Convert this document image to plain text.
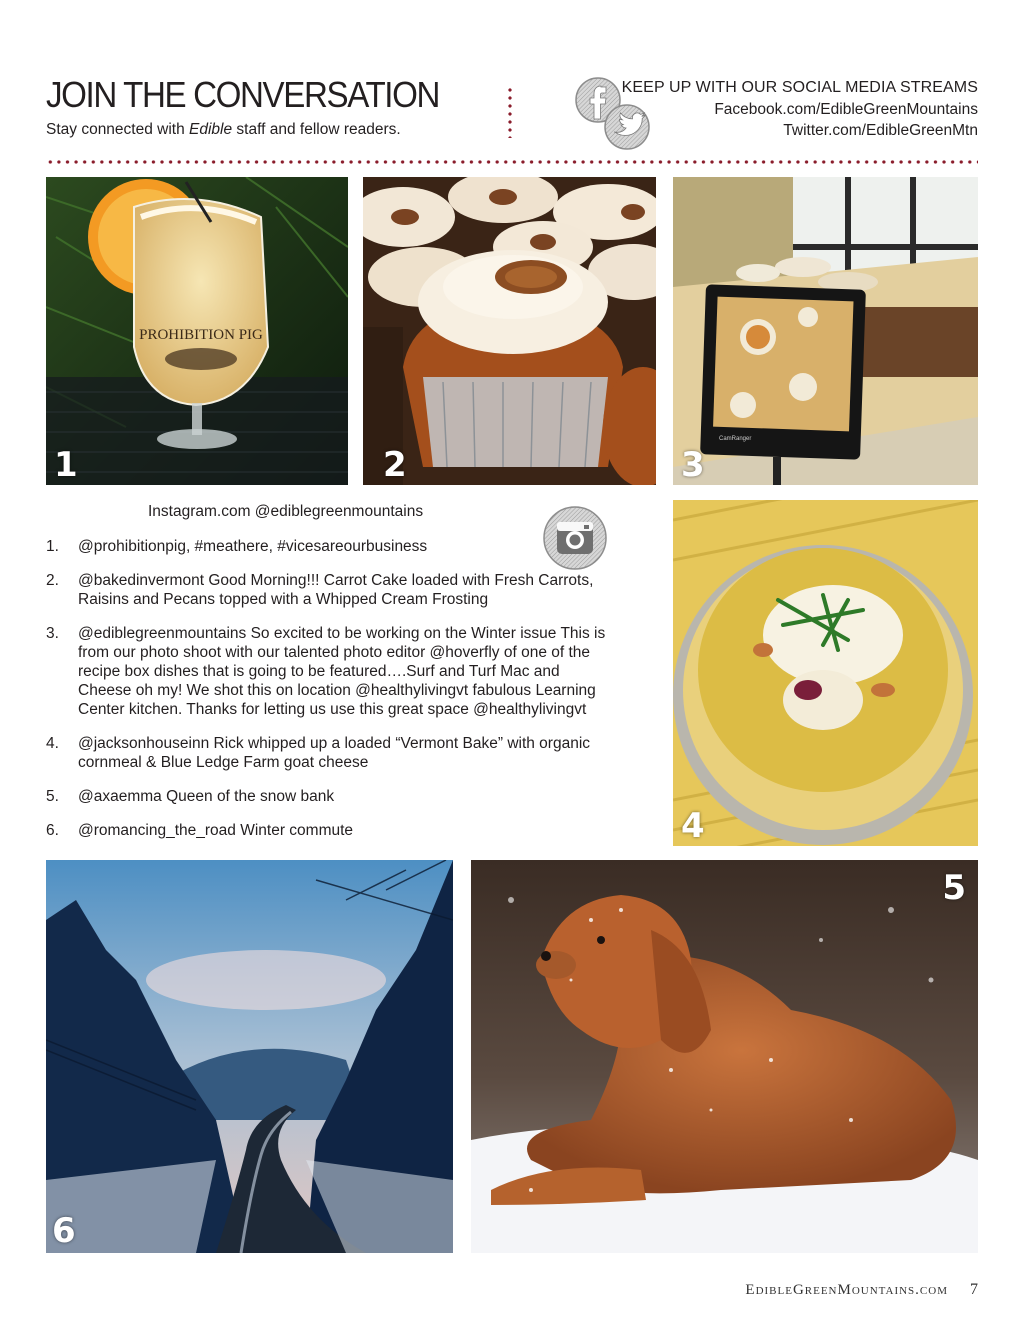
JOIN THE CONVERSATION
Stay connected with Edible staff and fellow readers.
KEEP UP WITH OUR SOCIAL MEDIA STREAMS
Facebook.com/EdibleGreenMountains
Twitter.com/EdibleGreenMtn
PROHIBITION PIG
1	2
CamRanger
3
4
Instagram.com @ediblegreenmountains
1. @prohibitionpig, #meathere, #vicesareourbusiness
2. @bakedinvermont Good Morning!!! Carrot Cake loaded with Fresh Carrots, Raisins and Pecans topped with a Whipped Cream Frosting
3. @ediblegreenmountains So excited to be working on the Winter issue This is from our photo shoot with our talented photo editor @hoverfly of one of the recipe box dishes that is going to be featured….Surf and Turf Mac and Cheese oh my! We shot this on location @healthylivingvt fabulous Learning Center kitchen. Thanks for letting us use this great space @healthylivingvt
4. @jacksonhouseinn Rick whipped up a loaded “Vermont Bake” with organic cornmeal & Blue Ledge Farm goat cheese
5. @axaemma Queen of the snow bank
6. @romancing_the_road Winter commute
6
5
EdibleGreenMountains.com 7
